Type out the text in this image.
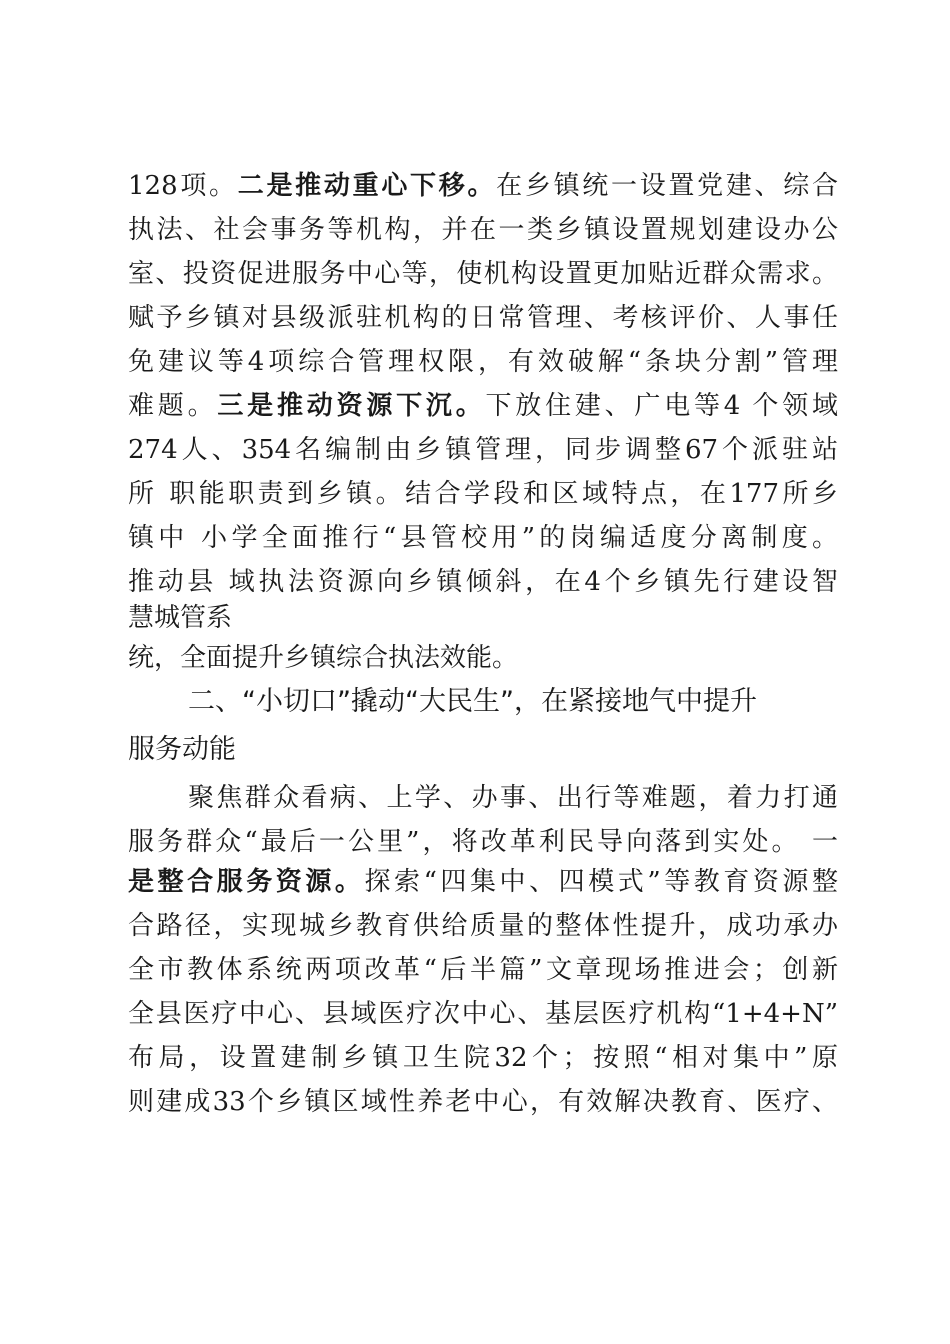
128项。二是推动重心下移。在乡镇统一设置党建、综合
执法、社会事务等机构，并在一类乡镇设置规划建设办公
室、投资促进服务中心等，使机构设置更加贴近群众需求。
赋予乡镇对县级派驻机构的日常管理、考核评价、人事任
免建议等4项综合管理权限，有效破解“条块分割”管理
难题。三是推动资源下沉。下放住建、广电等4 个领域
274人、354名编制由乡镇管理，同步调整67个派驻站
所 职能职责到乡镇。结合学段和区域特点，在177所乡
镇中 小学全面推行“县管校用”的岗编适度分离制度。
推动县 域执法资源向乡镇倾斜，在4个乡镇先行建设智
慧城管系
统，全面提升乡镇综合执法效能。
二、“小切口”撬动“大民生”，在紧接地气中提升
服务动能
聚焦群众看病、上学、办事、出行等难题，着力打通
服务群众“最后一公里”，将改革利民导向落到实处。 一
是整合服务资源。探索“四集中、四模式”等教育资源整
合路径，实现城乡教育供给质量的整体性提升，成功承办
全市教体系统两项改革“后半篇”文章现场推进会；创新
全县医疗中心、县域医疗次中心、基层医疗机构“1+4+N”
布局，设置建制乡镇卫生院32个；按照“相对集中”原
则建成33个乡镇区域性养老中心，有效解决教育、医疗、
